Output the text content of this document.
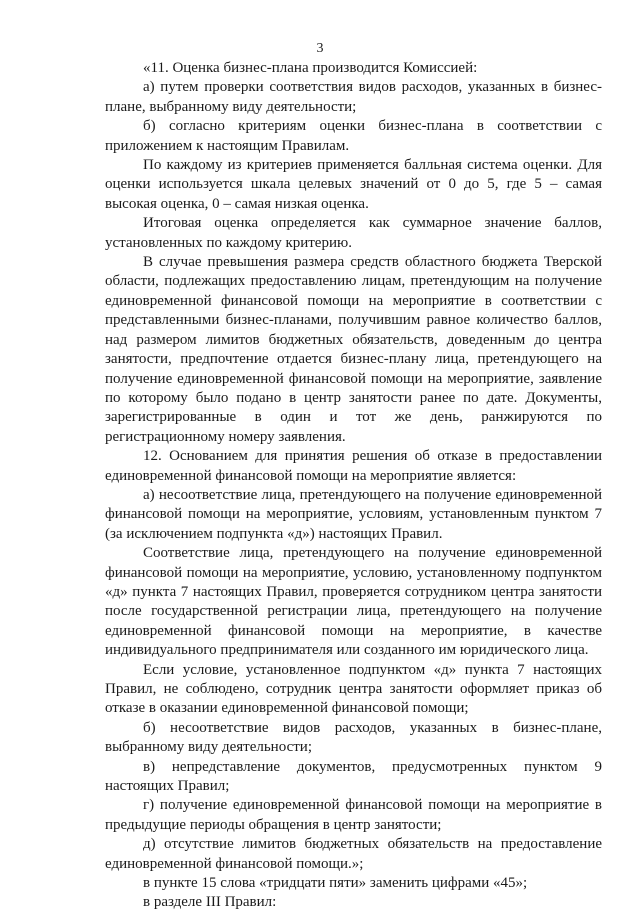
3

«11. Оценка бизнес-плана производится Комиссией:

а) путем проверки соответствия видов расходов, указанных в бизнес-плане, выбранному виду деятельности;

б) согласно критериям оценки бизнес-плана в соответствии с приложением к настоящим Правилам.

По каждому из критериев применяется балльная система оценки. Для оценки используется шкала целевых значений от 0 до 5, где 5 – самая высокая оценка, 0 – самая низкая оценка.

Итоговая оценка определяется как суммарное значение баллов, установленных по каждому критерию.

В случае превышения размера средств областного бюджета Тверской области, подлежащих предоставлению лицам, претендующим на получение единовременной финансовой помощи на мероприятие в соответствии с представленными бизнес-планами, получившим равное количество баллов, над размером лимитов бюджетных обязательств, доведенным до центра занятости, предпочтение отдается бизнес-плану лица, претендующего на получение единовременной финансовой помощи на мероприятие, заявление по которому было подано в центр занятости ранее по дате. Документы, зарегистрированные в один и тот же день, ранжируются по регистрационному номеру заявления.

12. Основанием для принятия решения об отказе в предоставлении единовременной финансовой помощи на мероприятие является:

а) несоответствие лица, претендующего на получение единовременной финансовой помощи на мероприятие, условиям, установленным пунктом 7 (за исключением подпункта «д») настоящих Правил.

Соответствие лица, претендующего на получение единовременной финансовой помощи на мероприятие, условию, установленному подпунктом «д» пункта 7 настоящих Правил, проверяется сотрудником центра занятости после государственной регистрации лица, претендующего на получение единовременной финансовой помощи на мероприятие, в качестве индивидуального предпринимателя или созданного им юридического лица.

Если условие, установленное подпунктом «д» пункта 7 настоящих Правил, не соблюдено, сотрудник центра занятости оформляет приказ об отказе в оказании единовременной финансовой помощи;

б) несоответствие видов расходов, указанных в бизнес-плане, выбранному виду деятельности;

в) непредставление документов, предусмотренных пунктом 9 настоящих Правил;

г) получение единовременной финансовой помощи на мероприятие в предыдущие периоды обращения в центр занятости;

д) отсутствие лимитов бюджетных обязательств на предоставление единовременной финансовой помощи.»;

в пункте 15 слова «тридцати пяти» заменить цифрами «45»;

в разделе III Правил:
